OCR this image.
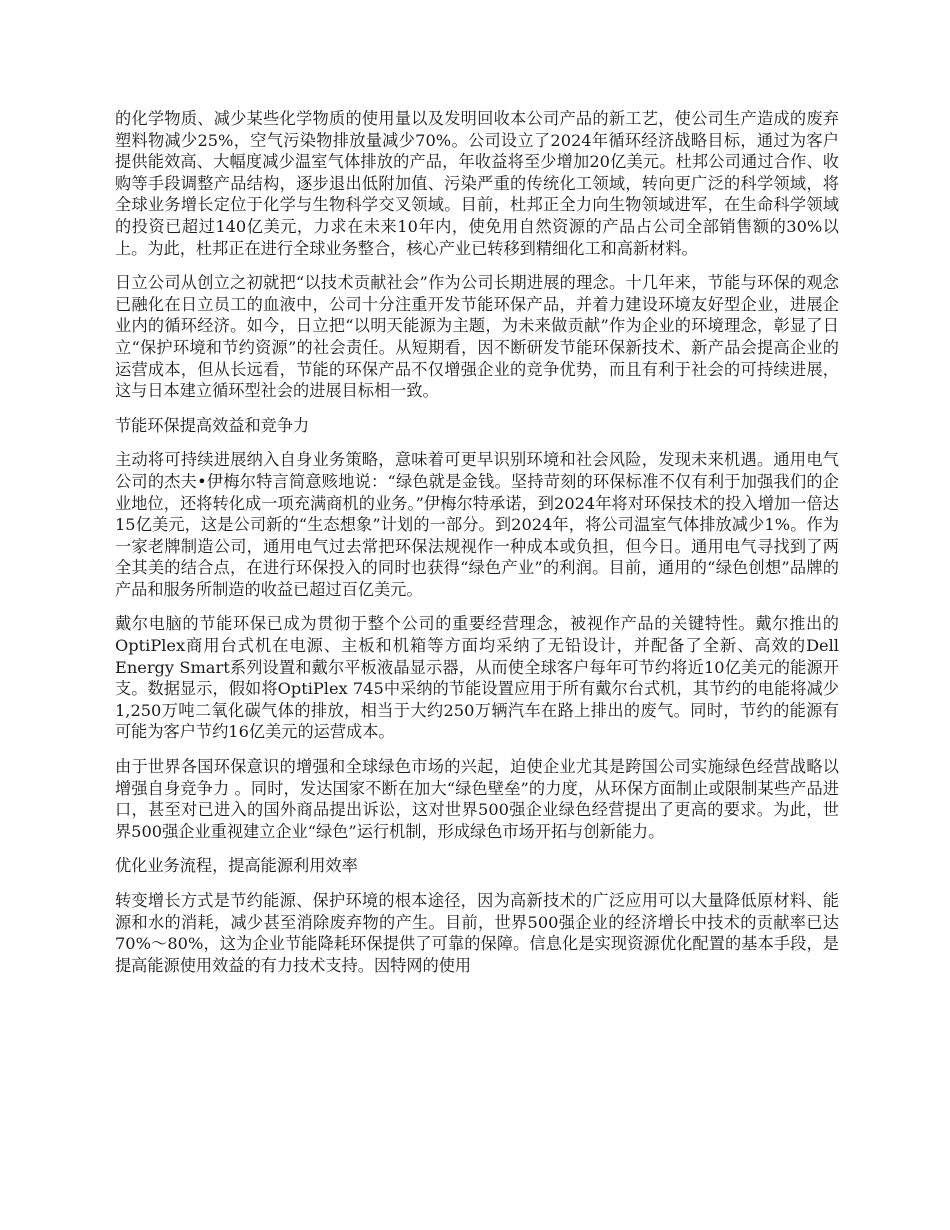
的化学物质、减少某些化学物质的使用量以及发明回收本公司产品的新工艺，使公司生产造成的废弃塑料物减少25%，空气污染物排放量减少70%。公司设立了2024年循环经济战略目标，通过为客户提供能效高、大幅度减少温室气体排放的产品，年收益将至少增加20亿美元。杜邦公司通过合作、收购等手段调整产品结构，逐步退出低附加值、污染严重的传统化工领域，转向更广泛的科学领域，将全球业务增长定位于化学与生物科学交叉领域。目前，杜邦正全力向生物领域进军，在生命科学领域的投资已超过140亿美元，力求在未来10年内，使免用自然资源的产品占公司全部销售额的30%以上。为此，杜邦正在进行全球业务整合，核心产业已转移到精细化工和高新材料。

日立公司从创立之初就把“以技术贡献社会”作为公司长期进展的理念。十几年来，节能与环保的观念已融化在日立员工的血液中，公司十分注重开发节能环保产品，并着力建设环境友好型企业，进展企业内的循环经济。如今，日立把“以明天能源为主题，为未来做贡献”作为企业的环境理念，彰显了日立“保护环境和节约资源”的社会责任。从短期看，因不断研发节能环保新技术、新产品会提高企业的运营成本，但从长远看，节能的环保产品不仅增强企业的竞争优势，而且有利于社会的可持续进展，这与日本建立循环型社会的进展目标相一致。

节能环保提高效益和竞争力

主动将可持续进展纳入自身业务策略，意味着可更早识别环境和社会风险，发现未来机遇。通用电气公司的杰夫•伊梅尔特言简意赅地说：“绿色就是金钱。坚持苛刻的环保标准不仅有利于加强我们的企业地位，还将转化成一项充满商机的业务。”伊梅尔特承诺，到2024年将对环保技术的投入增加一倍达15亿美元，这是公司新的“生态想象”计划的一部分。到2024年，将公司温室气体排放减少1%。作为一家老牌制造公司，通用电气过去常把环保法规视作一种成本或负担，但今日。通用电气寻找到了两全其美的结合点，在进行环保投入的同时也获得“绿色产业”的利润。目前，通用的“绿色创想”品牌的产品和服务所制造的收益已超过百亿美元。

戴尔电脑的节能环保已成为贯彻于整个公司的重要经营理念，被视作产品的关键特性。戴尔推出的OptiPlex商用台式机在电源、主板和机箱等方面均采纳了无铅设计，并配备了全新、高效的Dell Energy Smart系列设置和戴尔平板液晶显示器，从而使全球客户每年可节约将近10亿美元的能源开支。数据显示，假如将OptiPlex 745中采纳的节能设置应用于所有戴尔台式机，其节约的电能将减少1,250万吨二氧化碳气体的排放，相当于大约250万辆汽车在路上排出的废气。同时，节约的能源有可能为客户节约16亿美元的运营成本。

由于世界各国环保意识的增强和全球绿色市场的兴起，迫使企业尤其是跨国公司实施绿色经营战略以增强自身竞争力 。同时，发达国家不断在加大“绿色壁垒”的力度，从环保方面制止或限制某些产品进口，甚至对已进入的国外商品提出诉讼，这对世界500强企业绿色经营提出了更高的要求。为此，世界500强企业重视建立企业“绿色”运行机制，形成绿色市场开拓与创新能力。

优化业务流程，提高能源利用效率

转变增长方式是节约能源、保护环境的根本途径，因为高新技术的广泛应用可以大量降低原材料、能源和水的消耗，减少甚至消除废弃物的产生。目前，世界500强企业的经济增长中技术的贡献率已达70%～80%，这为企业节能降耗环保提供了可靠的保障。信息化是实现资源优化配置的基本手段，是提高能源使用效益的有力技术支持。因特网的使用
